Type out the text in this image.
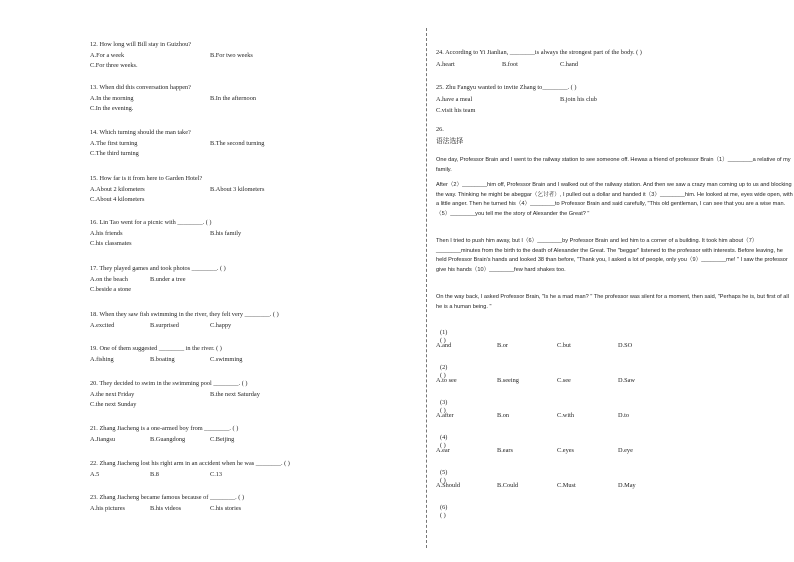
12. How long will Bill stay in Guizhou?
A.For a week	B.For two weeks
C.For three weeks.
13. When did this conversation happen?
A.In the morning	B.In the afternoon
C.In the evening.
14. Which turning should the man take?
A.The first turning	B.The second turning
C.The third turning
15. How far is it from here to Garden Hotel?
A.About 2 kilometers	B.About 3 kilometers
C.About 4 kilometers
16. Lin Tao went for a picnic with ________. ( )
A.his friends	B.his family
C.his classmates
17. They played games and took photos ________. ( )
A.on the beach	B.under a tree
C.beside a stone
18. When they saw fish swimming in the river, they felt very ________. ( )
A.excited	B.surprised	C.happy
19. One of them suggested ________ in the river. ( )
A.fishing	B.boating	C.swimming
20. They decided to swim in the swimming pool ________. ( )
A.the next Friday	B.the next Saturday
C.the next Sunday
21. Zhang Jiacheng is a one-armed boy from ________. ( )
A.Jiangsu	B.Guangdong	C.Beijing
22. Zhang Jiacheng lost his right arm in an accident when he was ________. ( )
A.5	B.8	C.13
23. Zhang Jiacheng became famous because of ________. ( )
A.his pictures	B.his videos	C.his stories
26.
语法选择
One day, Professor Brain and I went to the railway station to see someone off. Hewas a friend of professor Brain（1）________a relative of my family.
After（2）________him off, Professor Brain and I walked out of the railway station. And then we saw a crazy man coming up to us and blocking the way. Thinking he might be abeggar（乞讨者）, I pulled out a dollar and handed it（3）________him. He looked at me, eyes wide open, with a little anger. Then he turned his（4）________to Professor Brain and said carefully, "This old gentleman, I can see that you are a wise man.（5）________you tell me the story of Alexander the Great? "
Then I tried to push him away, but I（6）________by Professor Brain and led him to a corner of a building. It took him about（7）________minutes from the birth to the death of Alexander the Great. The "beggar" listened to the professor with interests. Before leaving, he held Professor Brain's hands and looked 38 than before, "Thank you, I asked a lot of people, only you（9）________me! " I saw the professor give his hands（10）________few hard shakes too.
On the way back, I asked Professor Brain, "Is he a mad man? " The professor was silent for a moment, then said, "Perhaps he is, but first of all he is a human being. "
24. According to Yi Jianlian, ________is always the strongest part of the body. ( )
A.heart	B.foot	C.hand
25. Zhu Fangyu wanted to invite Zhang to________. ( )
A.have a meal	B.join his club
C.visit his team
(1) ( )
A.and	B.or	C.but	D.SO
(2) ( )
A.to see	B.seeing	C.see	D.Saw
(3) ( )
A.after	B.on	C.with	D.to
(4) ( )
A.ear	B.ears	C.eyes	D.eye
(5) ( )
A.Should	B.Could	C.Must	D.May
(6) ( )
